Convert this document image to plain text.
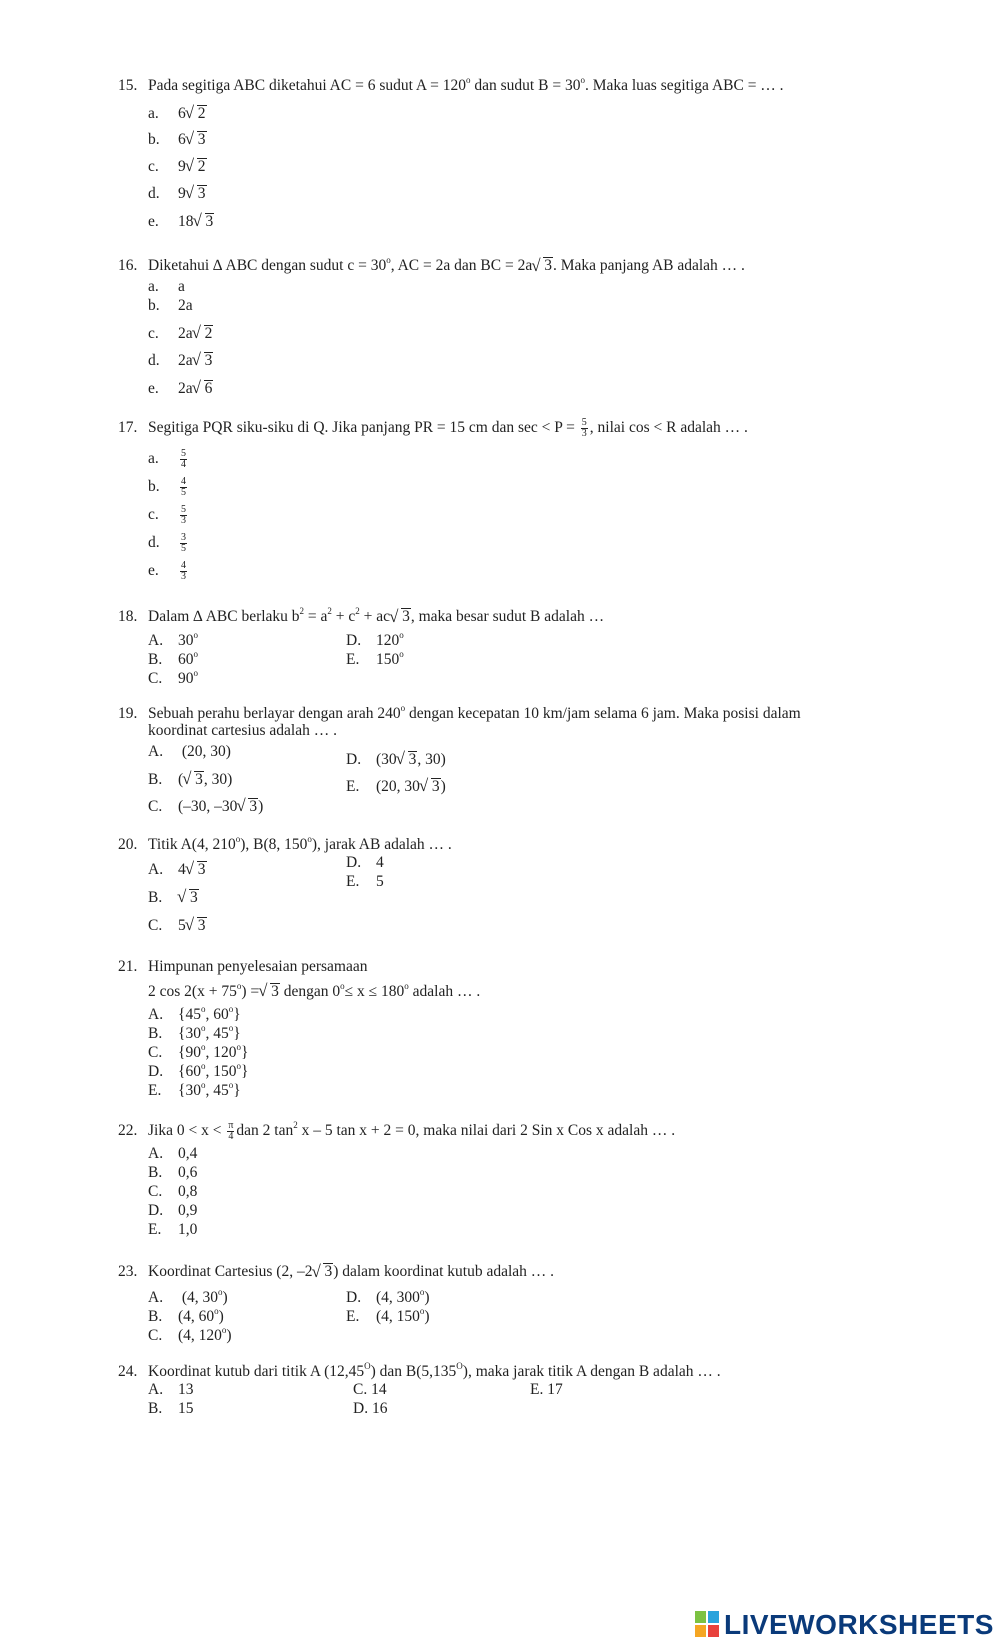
15. Pada segitiga ABC diketahui AC = 6 sudut $A = 120^o$ dan sudut $B = 30^o$. Maka luas segitiga ABC = … .
a. 6√ 2
b. 6√ 3
c. 9√ 2
d. 9√ 3
e. 18√ 3
16. Diketahui ∆ ABC dengan sudut $c = 30^o$, AC = 2a dan BC = 2a√ 3. Maka panjang AB adalah … .
a. a
b. 2a
c. 2a√ 2
d. 2a√ 3
e. 2a√ 6
17. Segitiga PQR siku-siku di Q. Jika panjang PR = 15 cm dan $\sec < P = \frac{5}{3}$ , nilai cos < R adalah … .
a. $\frac{5}{4}$
b. $\frac{4}{5}$
c. $\frac{5}{3}$
d. $\frac{3}{5}$
e. $\frac{4}{3}$
18. Dalam ∆ ABC berlaku $b^2 = a^2 + c^2 + ac√$ 3, maka besar sudut B adalah …
A. 30$^o$
B. 60$^o$
C. 90$^o$
D. 120$^o$
E. 150$^o$
19. Sebuah perahu berlayar dengan arah 240$^o$ dengan kecepatan 10 km/jam selama 6 jam. Maka posisi dalam
koordinat cartesius adalah … .
A. (20, 30)
B. (√ 3, 30)
C. (–30, –30√ 3)
D. (30√ 3, 30)
E. (20, 30√ 3)
20. Titik A(4, 210$^o$), B(8, 150$^o$), jarak AB adalah … .
A. 4√ 3
B.√ 3
C. 5√ 3
D. 4
E. 5
21. Himpunan penyelesaian persamaan
2 $\cos 2(x + 75^o)$ =√ 3 dengan $0^o\le x \le 180^o$ adalah … .
A. {45$^o$, 60$^o$}
B. {30$^o$, 45$^o$}
C. {90$^o$, 120$^o$}
D. {60$^o$, 150$^o$}
E. {30$^o$, 45$^o$}
22. Jika $0 < x < \frac{\pi}{4}$ dan 2 $\tan^2 x - 5$ tan x + 2 = 0, maka nilai dari 2 Sin x Cos x adalah … .
A. 0,4
B. 0,6
C. 0,8
D. 0,9
E. 1,0
23. Koordinat Cartesius (2, –2√ 3) dalam koordinat kutub adalah … .
A. (4, 30$^o$)
B. (4, 60$^o$)
C. (4, 120$^o$)
D. (4, 300$^o$)
E. (4, 150$^o$)
24. Koordinat kutub dari titik A $(12,45^O)$ dan $B(5,135^O)$, maka jarak titik A dengan B adalah … .
A. 13
B. 15
C. 14
D. 16
E. 17
LIVEWORKSHEETS
